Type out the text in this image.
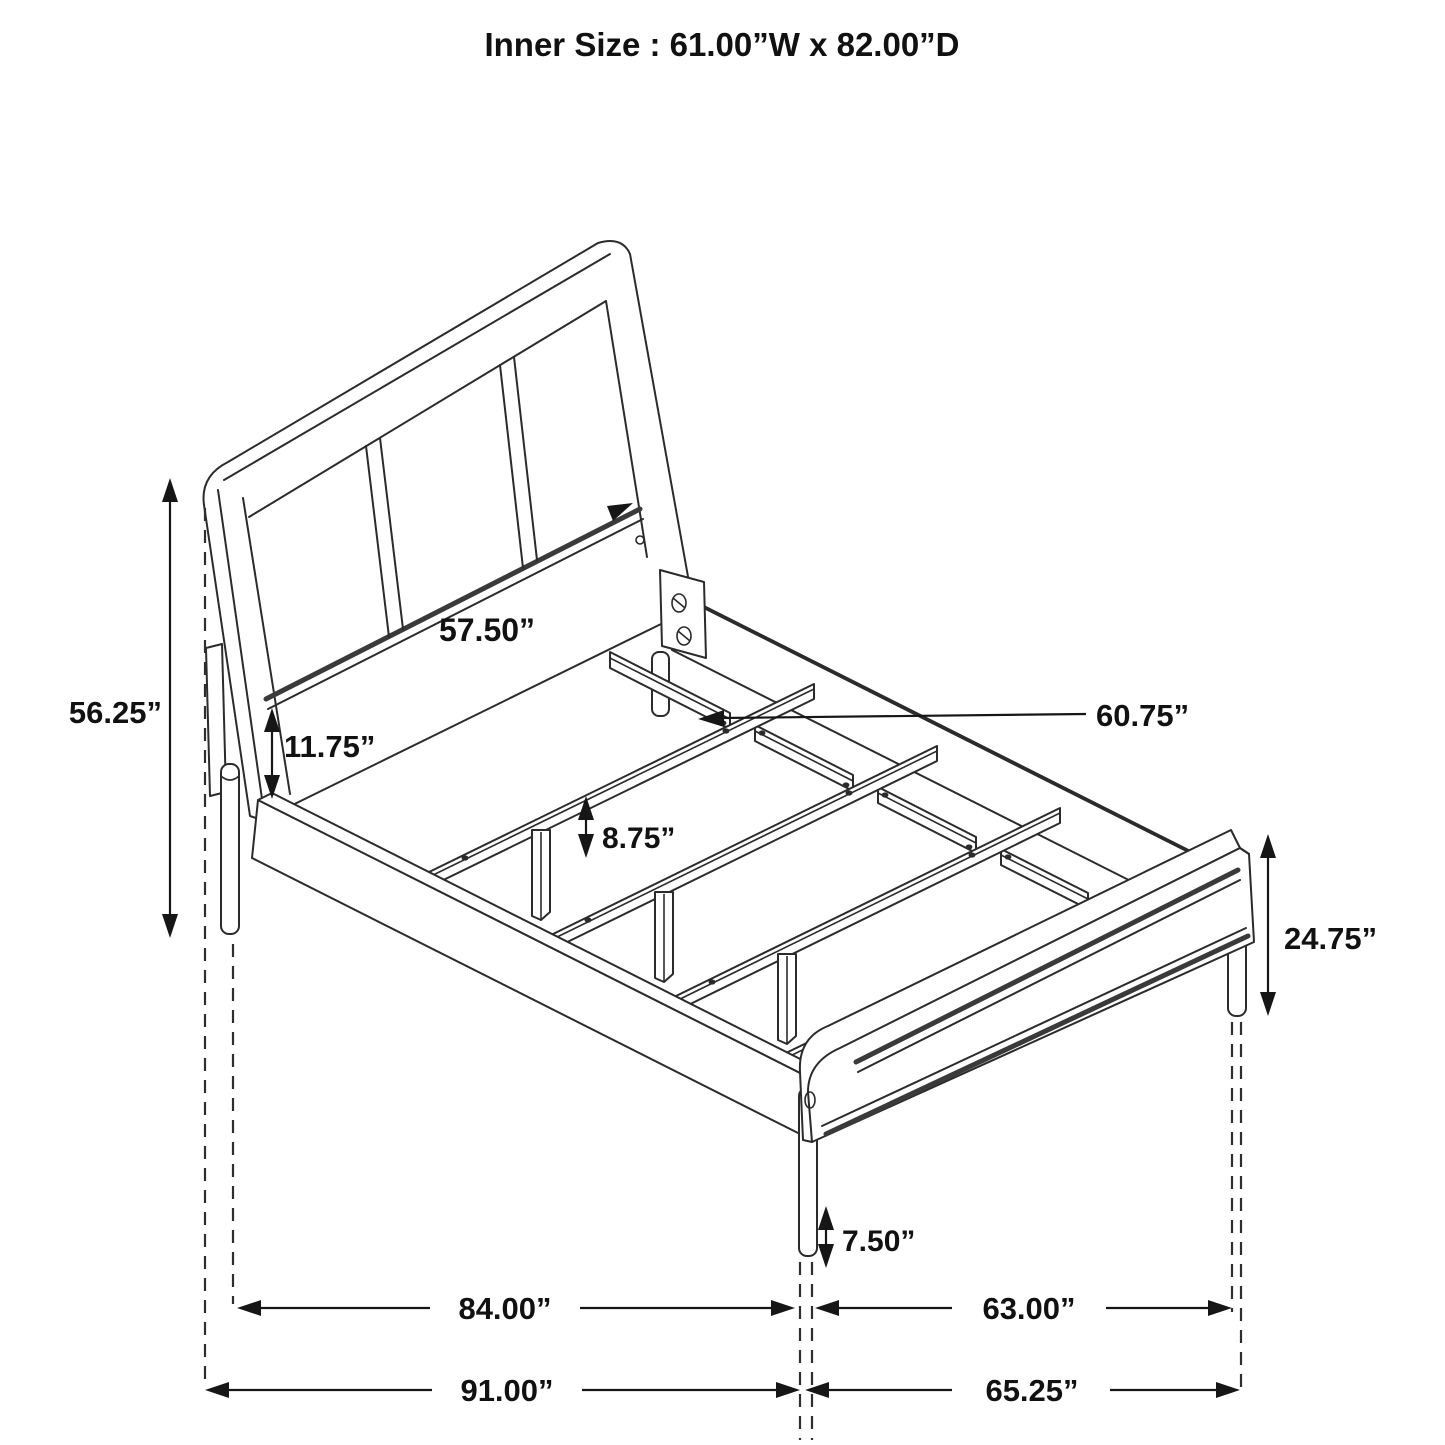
56.25”
11.75”
57.50”
60.75”
8.75”
24.75”
7.50”
84.00”	63.00”
91.00”	65.25”
Inner Size : 61.00”W x 82.00”D
